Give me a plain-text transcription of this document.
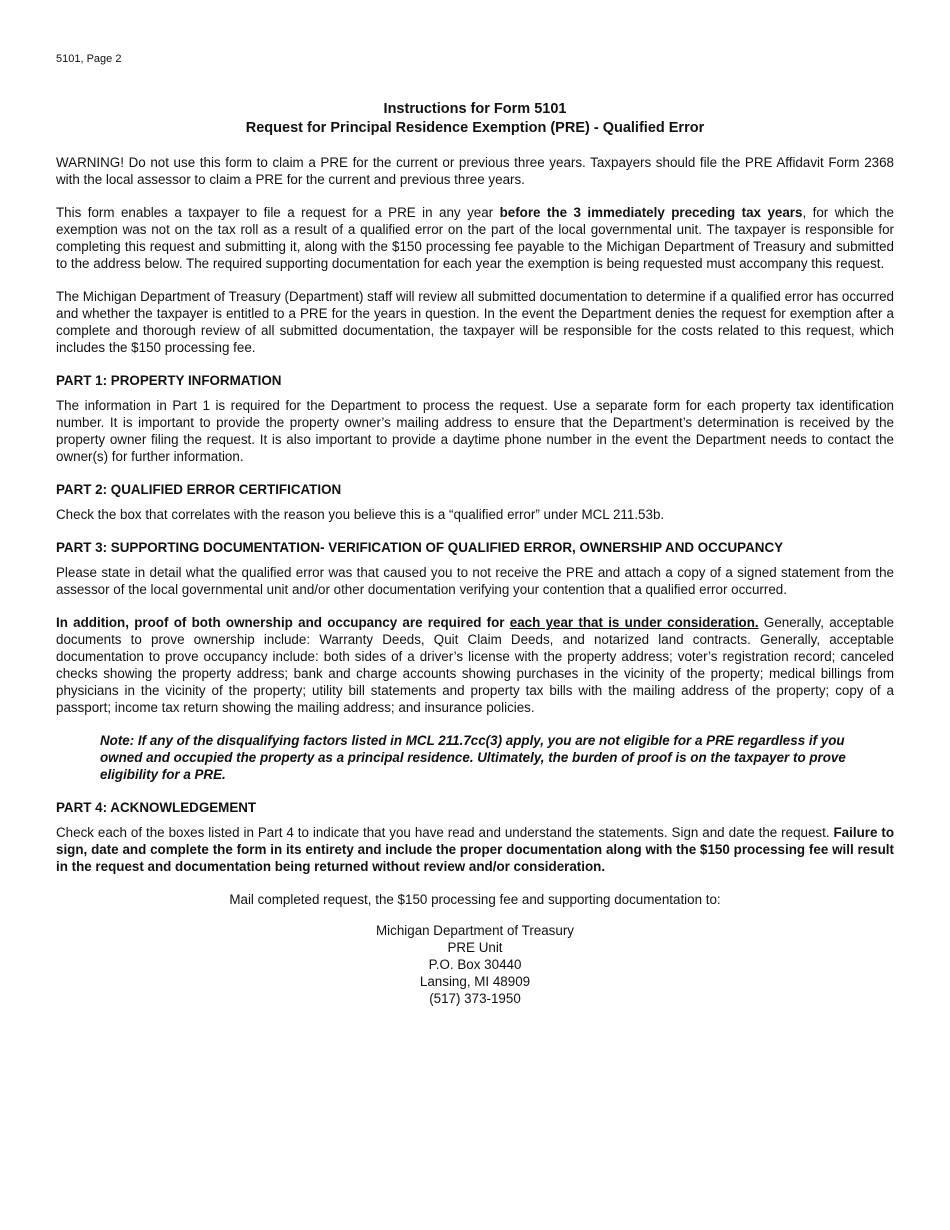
5101, Page 2
Instructions for Form 5101
Request for Principal Residence Exemption (PRE) - Qualified Error

WARNING! Do not use this form to claim a PRE for the current or previous three years. Taxpayers should file the PRE Affidavit Form 2368 with the local assessor to claim a PRE for the current and previous three years.

This form enables a taxpayer to file a request for a PRE in any year before the 3 immediately preceding tax years, for which the exemption was not on the tax roll as a result of a qualified error on the part of the local governmental unit. The taxpayer is responsible for completing this request and submitting it, along with the $150 processing fee payable to the Michigan Department of Treasury and submitted to the address below. The required supporting documentation for each year the exemption is being requested must accompany this request.

The Michigan Department of Treasury (Department) staff will review all submitted documentation to determine if a qualified error has occurred and whether the taxpayer is entitled to a PRE for the years in question. In the event the Department denies the request for exemption after a complete and thorough review of all submitted documentation, the taxpayer will be responsible for the costs related to this request, which includes the $150 processing fee.

PART 1: PROPERTY INFORMATION

The information in Part 1 is required for the Department to process the request. Use a separate form for each property tax identification number. It is important to provide the property owner’s mailing address to ensure that the Department’s determination is received by the property owner filing the request. It is also important to provide a daytime phone number in the event the Department needs to contact the owner(s) for further information.

PART 2: QUALIFIED ERROR CERTIFICATION

Check the box that correlates with the reason you believe this is a “qualified error” under MCL 211.53b.

PART 3: SUPPORTING DOCUMENTATION- VERIFICATION OF QUALIFIED ERROR, OWNERSHIP AND OCCUPANCY

Please state in detail what the qualified error was that caused you to not receive the PRE and attach a copy of a signed statement from the assessor of the local governmental unit and/or other documentation verifying your contention that a qualified error occurred.

In addition, proof of both ownership and occupancy are required for each year that is under consideration. Generally, acceptable documents to prove ownership include: Warranty Deeds, Quit Claim Deeds, and notarized land contracts. Generally, acceptable documentation to prove occupancy include: both sides of a driver’s license with the property address; voter’s registration record; canceled checks showing the property address; bank and charge accounts showing purchases in the vicinity of the property; medical billings from physicians in the vicinity of the property; utility bill statements and property tax bills with the mailing address of the property; copy of a passport; income tax return showing the mailing address; and insurance policies.

Note: If any of the disqualifying factors listed in MCL 211.7cc(3) apply, you are not eligible for a PRE regardless if you owned and occupied the property as a principal residence. Ultimately, the burden of proof is on the taxpayer to prove eligibility for a PRE.

PART 4: ACKNOWLEDGEMENT

Check each of the boxes listed in Part 4 to indicate that you have read and understand the statements. Sign and date the request. Failure to sign, date and complete the form in its entirety and include the proper documentation along with the $150 processing fee will result in the request and documentation being returned without review and/or consideration.

Mail completed request, the $150 processing fee and supporting documentation to:

Michigan Department of Treasury
PRE Unit
P.O. Box 30440
Lansing, MI 48909
(517) 373-1950
